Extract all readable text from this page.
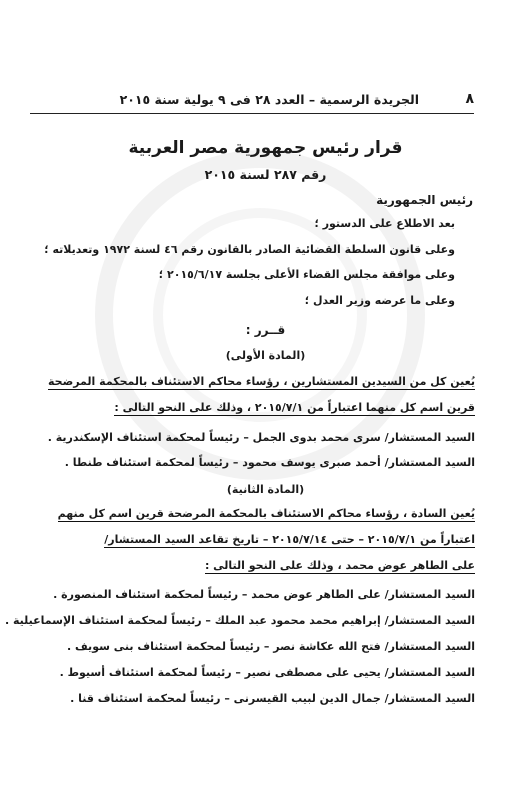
٨
الجريدة الرسمية – العدد ٢٨ فى ٩ يولية سنة ٢٠١٥
قرار رئيس جمهورية مصر العربية
رقم ٢٨٧ لسنة ٢٠١٥
رئيس الجمهورية
بعد الاطلاع على الدستور ؛
وعلى قانون السلطة القضائية الصادر بالقانون رقم ٤٦ لسنة ١٩٧٢ وتعديلاته ؛
وعلى موافقة مجلس القضاء الأعلى بجلسة ٢٠١٥/٦/١٧ ؛
وعلى ما عرضه وزير العدل ؛
قــرر :
(المادة الأولى)
يُعين كل من السيدين المستشارين ، رؤساء محاكم الاستئناف بالمحكمة المرضحة
قرين اسم كل منهما اعتباراً من ٢٠١٥/٧/١ ، وذلك على النحو التالى :
السيد المستشار/ سرى محمد بدوى الجمل – رئيساً لمحكمة استئناف الإسكندرية .
السيد المستشار/ أحمد صبرى يوسف محمود – رئيساً لمحكمة استئناف طنطا .
(المادة الثانية)
يُعين السادة ، رؤساء محاكم الاستئناف بالمحكمة المرضحة قرين اسم كل منهم
اعتباراً من ٢٠١٥/٧/١ – حتى ٢٠١٥/٧/١٤ – تاريخ تقاعد السيد المستشار/
على الطاهر عوض محمد ، وذلك على النحو التالى :
السيد المستشار/ على الطاهر عوض محمد – رئيساً لمحكمة استئناف المنصورة .
السيد المستشار/ إبراهيم محمد محمود عبد الملك – رئيساً لمحكمة استئناف الإسماعيلية .
السيد المستشار/ فتح الله عكاشة نصر – رئيساً لمحكمة استئناف بنى سويف .
السيد المستشار/ يحيى على مصطفى نصير – رئيساً لمحكمة استئناف أسيوط .
السيد المستشار/ جمال الدين لبيب القيسرنى – رئيساً لمحكمة استئناف قنا .
